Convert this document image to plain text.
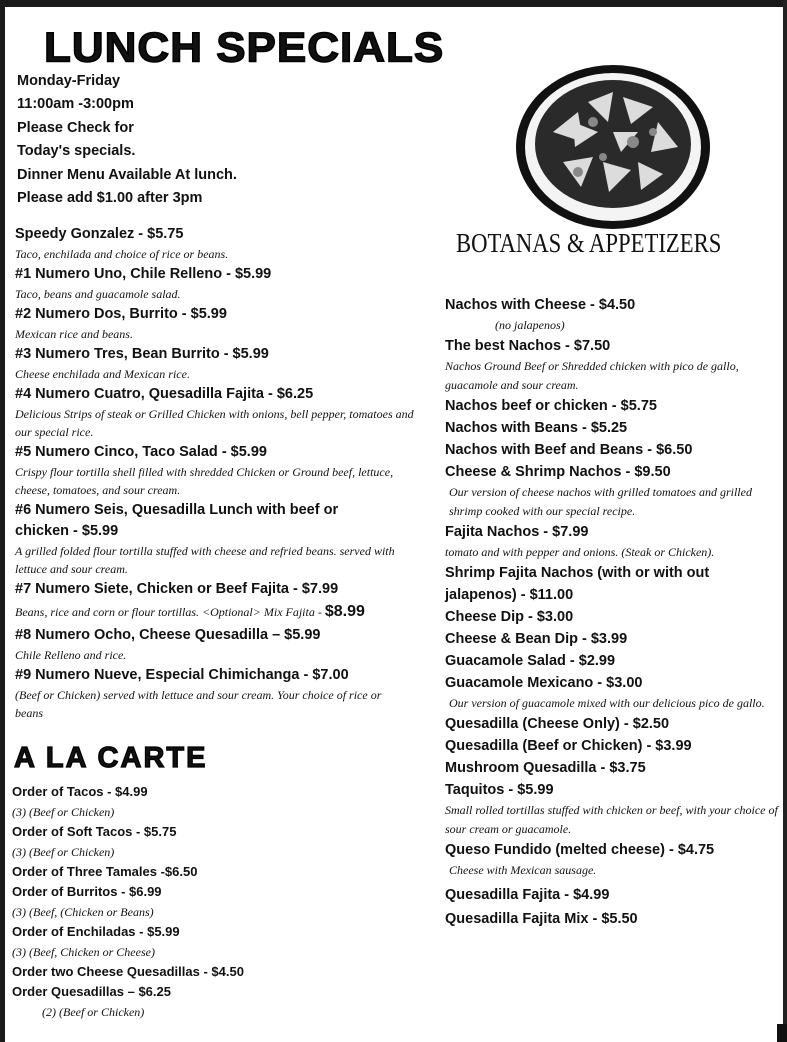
LUNCH SPECIALS
Monday-Friday
11:00am -3:00pm
Please Check for
Today's specials.
Dinner Menu Available At lunch.
Please add $1.00 after 3pm
Speedy Gonzalez - $5.75
Taco, enchilada and choice of rice or beans.
#1 Numero Uno, Chile Relleno - $5.99
Taco, beans and guacamole salad.
#2 Numero Dos, Burrito - $5.99
Mexican rice and beans.
#3 Numero Tres, Bean Burrito - $5.99
Cheese enchilada and Mexican rice.
#4 Numero Cuatro, Quesadilla Fajita - $6.25
Delicious Strips of steak or Grilled Chicken with onions, bell pepper, tomatoes and our special rice.
#5 Numero Cinco, Taco Salad - $5.99
Crispy flour tortilla shell filled with shredded Chicken or Ground beef, lettuce, cheese, tomatoes, and sour cream.
#6 Numero Seis, Quesadilla Lunch with beef or chicken - $5.99
A grilled folded flour tortilla stuffed with cheese and refried beans. served with lettuce and sour cream.
#7 Numero Siete, Chicken or Beef Fajita - $7.99
Beans, rice and corn or flour tortillas. <Optional> Mix Fajita - $8.99
#8 Numero Ocho, Cheese Quesadilla – $5.99
Chile Relleno and rice.
#9 Numero Nueve, Especial Chimichanga - $7.00
(Beef or Chicken) served with lettuce and sour cream. Your choice of rice or beans
A LA CARTE
Order of Tacos - $4.99
(3) (Beef or Chicken)
Order of Soft Tacos - $5.75
(3) (Beef or Chicken)
Order of Three Tamales -$6.50
Order of Burritos - $6.99
(3) (Beef, (Chicken or Beans)
Order of Enchiladas - $5.99
(3) (Beef, Chicken or Cheese)
Order two Cheese Quesadillas - $4.50
Order Quesadillas – $6.25
(2) (Beef or Chicken)
BOTANAS & APPETIZERS
Nachos with Cheese - $4.50
(no jalapenos)
The best Nachos - $7.50
Nachos Ground Beef or Shredded chicken with pico de gallo, guacamole and sour cream.
Nachos beef or chicken - $5.75
Nachos with Beans - $5.25
Nachos with Beef and Beans - $6.50
Cheese & Shrimp Nachos - $9.50
Our version of cheese nachos with grilled tomatoes and grilled shrimp cooked with our special recipe.
Fajita Nachos - $7.99
tomato and with pepper and onions. (Steak or Chicken).
Shrimp Fajita Nachos (with or with out jalapenos) - $11.00
Cheese Dip - $3.00
Cheese & Bean Dip - $3.99
Guacamole Salad - $2.99
Guacamole Mexicano - $3.00
Our version of guacamole mixed with our delicious pico de gallo.
Quesadilla (Cheese Only) - $2.50
Quesadilla (Beef or Chicken) - $3.99
Mushroom Quesadilla - $3.75
Taquitos - $5.99
Small rolled tortillas stuffed with chicken or beef, with your choice of sour cream or guacamole.
Queso Fundido (melted cheese) - $4.75
Cheese with Mexican sausage.
Quesadilla Fajita - $4.99
Quesadilla Fajita Mix - $5.50
